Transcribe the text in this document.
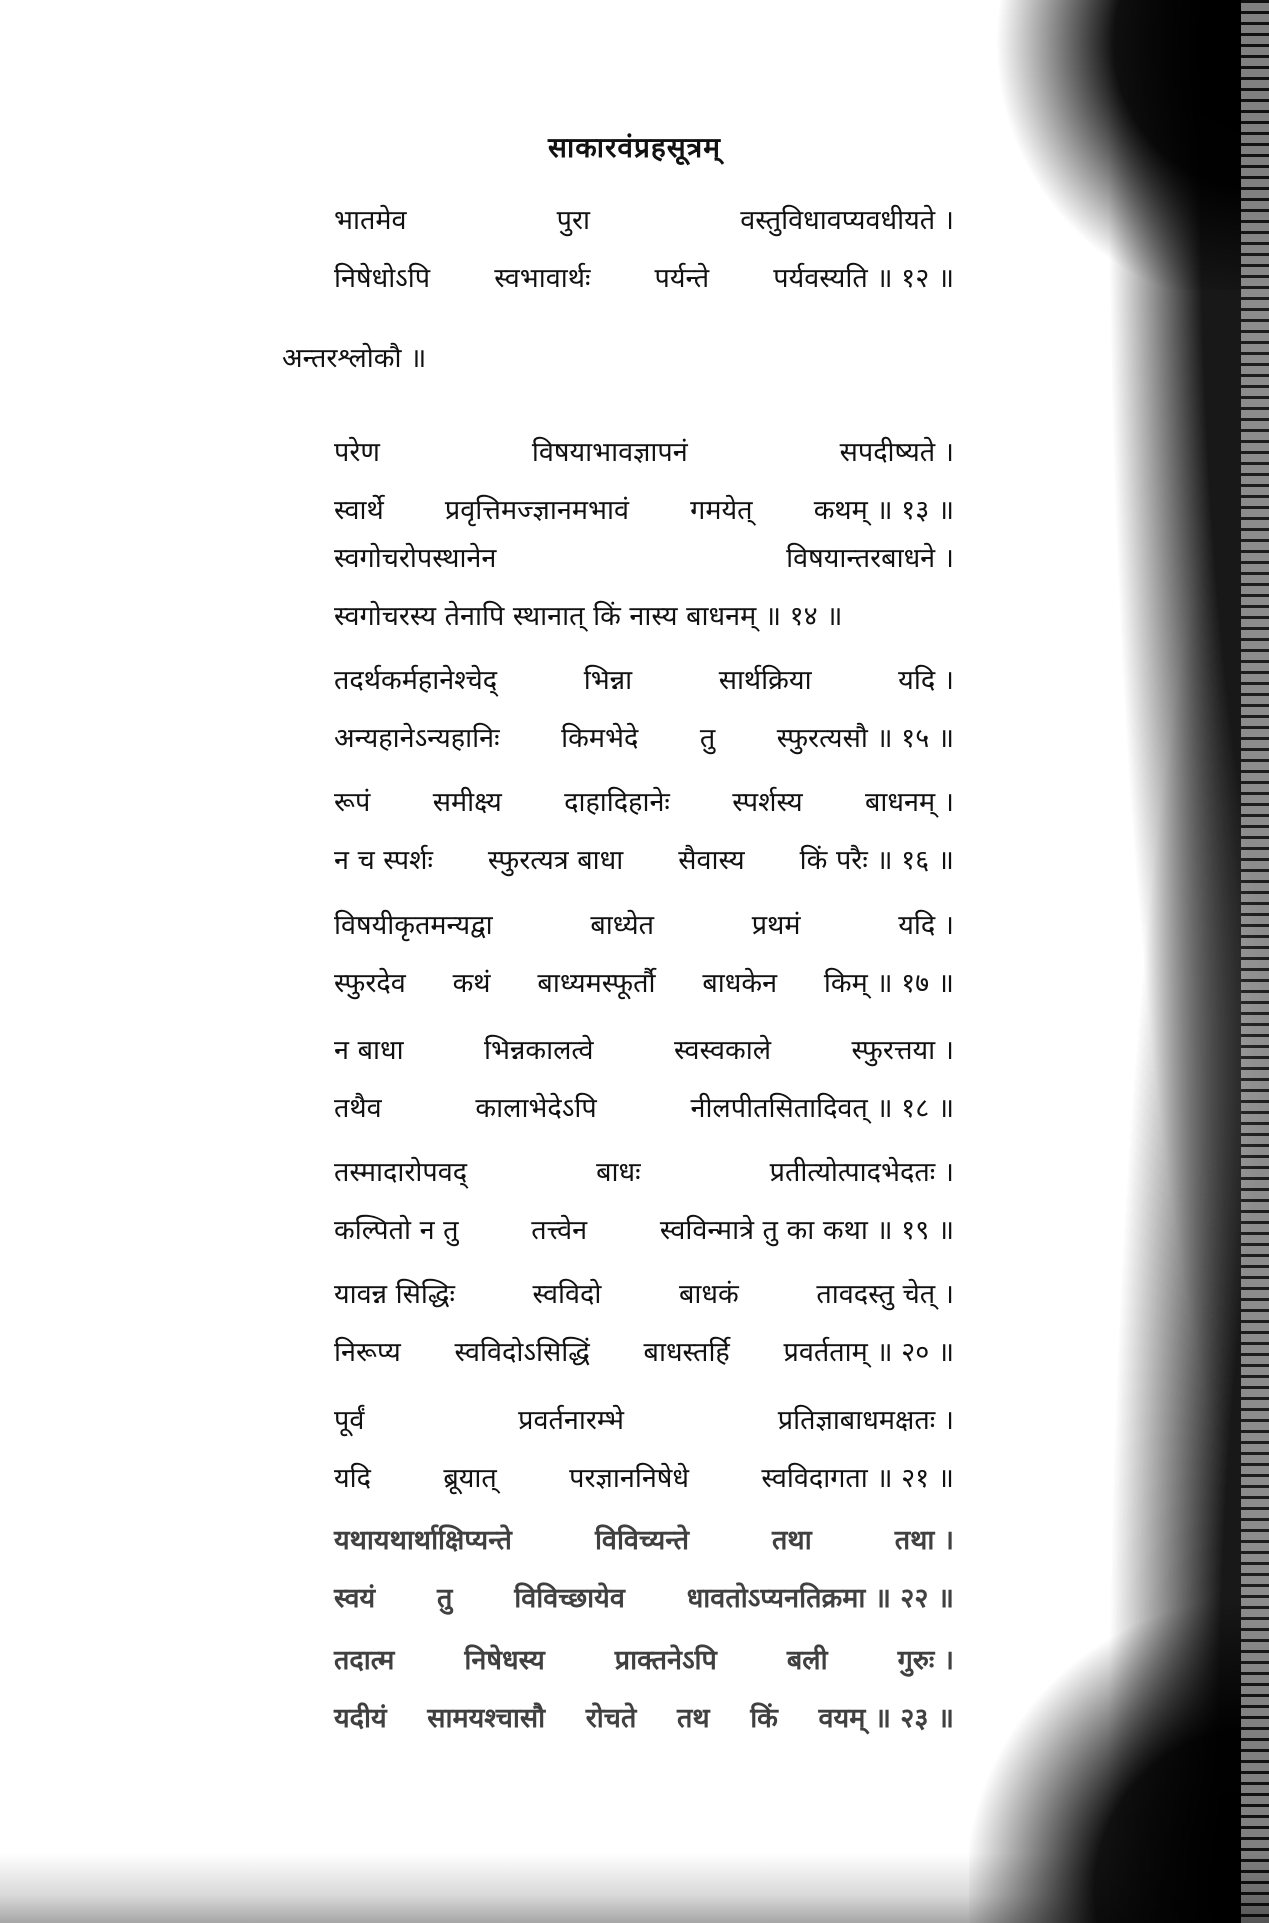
साकारवंप्रहसूत्रम्
अन्तरश्लोकौ ॥
भातमेव	पुरा	वस्तुविधावप्यवधीयते ।
निषेधोऽपि स्वभावार्थः पर्यन्ते पर्यवस्यति ॥ १२ ॥
परेण	विषयाभावज्ञापनं	सपदीष्यते ।
स्वार्थे प्रवृत्तिमज्ज्ञानमभावं गमयेत् कथम् ॥ १३ ॥
स्वगोचरोपस्थानेन	विषयान्तरबाधने ।
स्वगोचरस्य तेनापि स्थानात् किं नास्य बाधनम् ॥ १४ ॥
तदर्थकर्महानेश्चेद्	भिन्ना	सार्थक्रिया	यदि ।
अन्यहानेऽन्यहानिः किमभेदे तु स्फुरत्यसौ ॥ १५ ॥
रूपं समीक्ष्य दाहादिहानेः स्पर्शस्य बाधनम् ।
न च स्पर्शः स्फुरत्यत्र बाधा सैवास्य किं परैः ॥ १६ ॥
विषयीकृतमन्यद्वा	बाध्येत	प्रथमं	यदि ।
स्फुरदेव कथं बाध्यमस्फूर्तौ बाधकेन किम् ॥ १७ ॥
न बाधा	भिन्नकालत्वे	स्वस्वकाले	स्फुरत्तया ।
तथैव	कालाभेदेऽपि	नीलपीतसितादिवत् ॥ १८ ॥
तस्मादारोपवद्	बाधः	प्रतीत्योत्पादभेदतः ।
कल्पितो न तु	तत्त्वेन	स्वविन्मात्रे तु का कथा ॥ १९ ॥
यावन्न सिद्धिः	स्वविदो	बाधकं	तावदस्तु चेत् ।
निरूप्य स्वविदोऽसिद्धिं बाधस्तर्हि प्रवर्तताम् ॥ २० ॥
पूर्वं	प्रवर्तनारम्भे	प्रतिज्ञाबाधमक्षतः ।
यदि	ब्रूयात्	परज्ञाननिषेधे	स्वविदागता ॥ २१ ॥
यथायथार्थाक्षिप्यन्ते	विविच्यन्ते	तथा	तथा ।
स्वयं तु विविच्छायेव धावतोऽप्यनतिक्रमा ॥ २२ ॥
तदात्म	निषेधस्य	प्राक्तनेऽपि	बली	गुरुः ।
यदीयं सामयश्चासौ रोचते तथ किं वयम् ॥ २३ ॥
